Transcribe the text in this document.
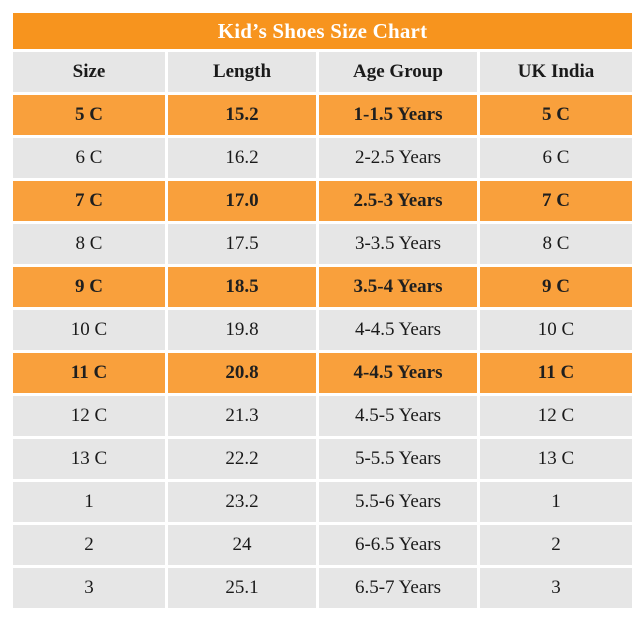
Kid’s Shoes Size Chart			
Size	Length	Age Group	UK India
5 C	15.2	1-1.5 Years	5 C
6 C	16.2	2-2.5 Years	6 C
7 C	17.0	2.5-3 Years	7 C
8 C	17.5	3-3.5 Years	8 C
9 C	18.5	3.5-4 Years	9 C
10 C	19.8	4-4.5 Years	10 C
11 C	20.8	4-4.5 Years	11 C
12 C	21.3	4.5-5 Years	12 C
13 C	22.2	5-5.5 Years	13 C
1	23.2	5.5-6 Years	1
2	24	6-6.5 Years	2
3	25.1	6.5-7 Years	3
